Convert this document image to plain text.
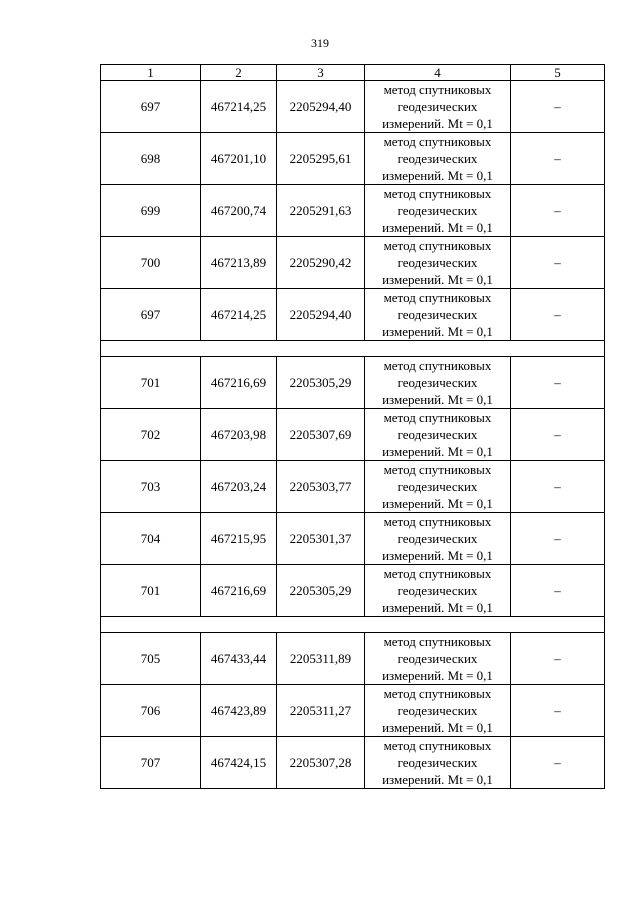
319
1	2	3	4	5
697	467214,25	2205294,40	метод спутниковых
геодезических
измерений. Mt = 0,1	–
698	467201,10	2205295,61	метод спутниковых
геодезических
измерений. Mt = 0,1	–
699	467200,74	2205291,63	метод спутниковых
геодезических
измерений. Mt = 0,1	–
700	467213,89	2205290,42	метод спутниковых
геодезических
измерений. Mt = 0,1	–
697	467214,25	2205294,40	метод спутниковых
геодезических
измерений. Mt = 0,1	–

701	467216,69	2205305,29	метод спутниковых
геодезических
измерений. Mt = 0,1	–
702	467203,98	2205307,69	метод спутниковых
геодезических
измерений. Mt = 0,1	–
703	467203,24	2205303,77	метод спутниковых
геодезических
измерений. Mt = 0,1	–
704	467215,95	2205301,37	метод спутниковых
геодезических
измерений. Mt = 0,1	–
701	467216,69	2205305,29	метод спутниковых
геодезических
измерений. Mt = 0,1	–

705	467433,44	2205311,89	метод спутниковых
геодезических
измерений. Mt = 0,1	–
706	467423,89	2205311,27	метод спутниковых
геодезических
измерений. Mt = 0,1	–
707	467424,15	2205307,28	метод спутниковых
геодезических
измерений. Mt = 0,1	–
